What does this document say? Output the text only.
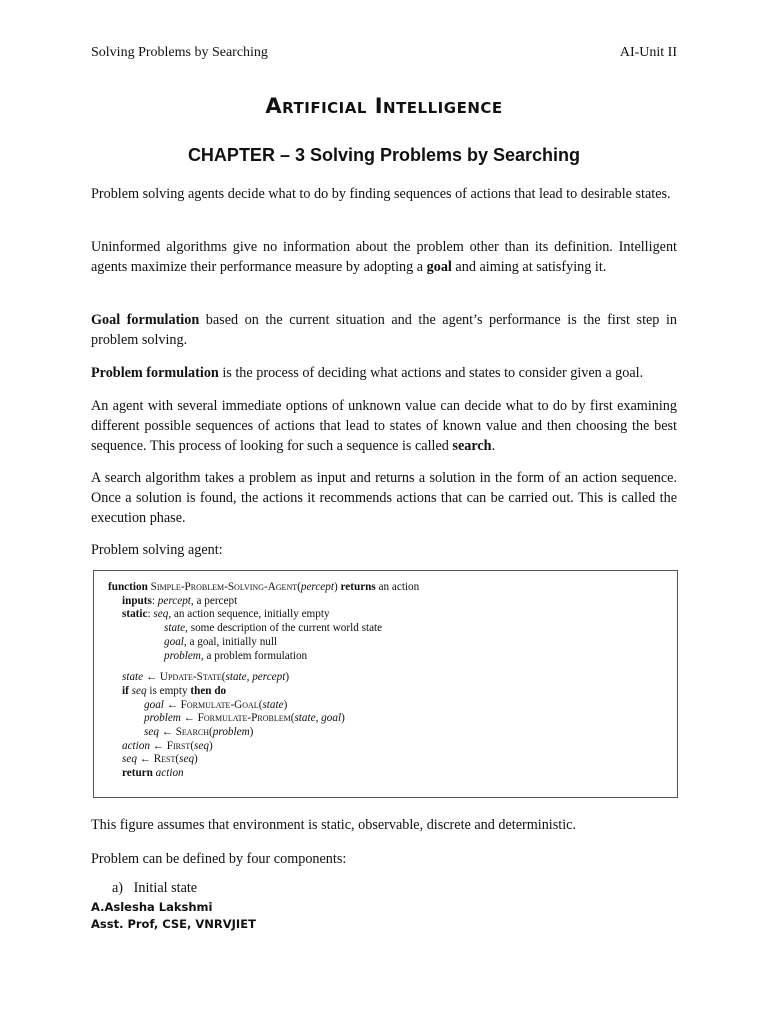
Solving Problems by Searching	AI-Unit II
Artificial Intelligence
CHAPTER – 3 Solving Problems by Searching
Problem solving agents decide what to do by finding sequences of actions that lead to desirable states.
Uninformed algorithms give no information about the problem other than its definition. Intelligent agents maximize their performance measure by adopting a goal and aiming at satisfying it.
Goal formulation based on the current situation and the agent’s performance is the first step in problem solving.
Problem formulation is the process of deciding what actions and states to consider given a goal.
An agent with several immediate options of unknown value can decide what to do by first examining different possible sequences of actions that lead to states of known value and then choosing the best sequence. This process of looking for such a sequence is called search.
A search algorithm takes a problem as input and returns a solution in the form of an action sequence. Once a solution is found, the actions it recommends actions that can be carried out. This is called the execution phase.
Problem solving agent:
function Simple-Problem-Solving-Agent(percept) returns an action
inputs: percept, a percept
static: seq, an action sequence, initially empty
state, some description of the current world state
goal, a goal, initially null
problem, a problem formulation
state ← Update-State(state, percept)
if seq is empty then do
goal ← Formulate-Goal(state)
problem ← Formulate-Problem(state, goal)
seq ← Search(problem)
action ← First(seq)
seq ← Rest(seq)
return action
This figure assumes that environment is static, observable, discrete and deterministic.
Problem can be defined by four components:
a) Initial state
A.Aslesha Lakshmi
Asst. Prof, CSE, VNRVJIET
